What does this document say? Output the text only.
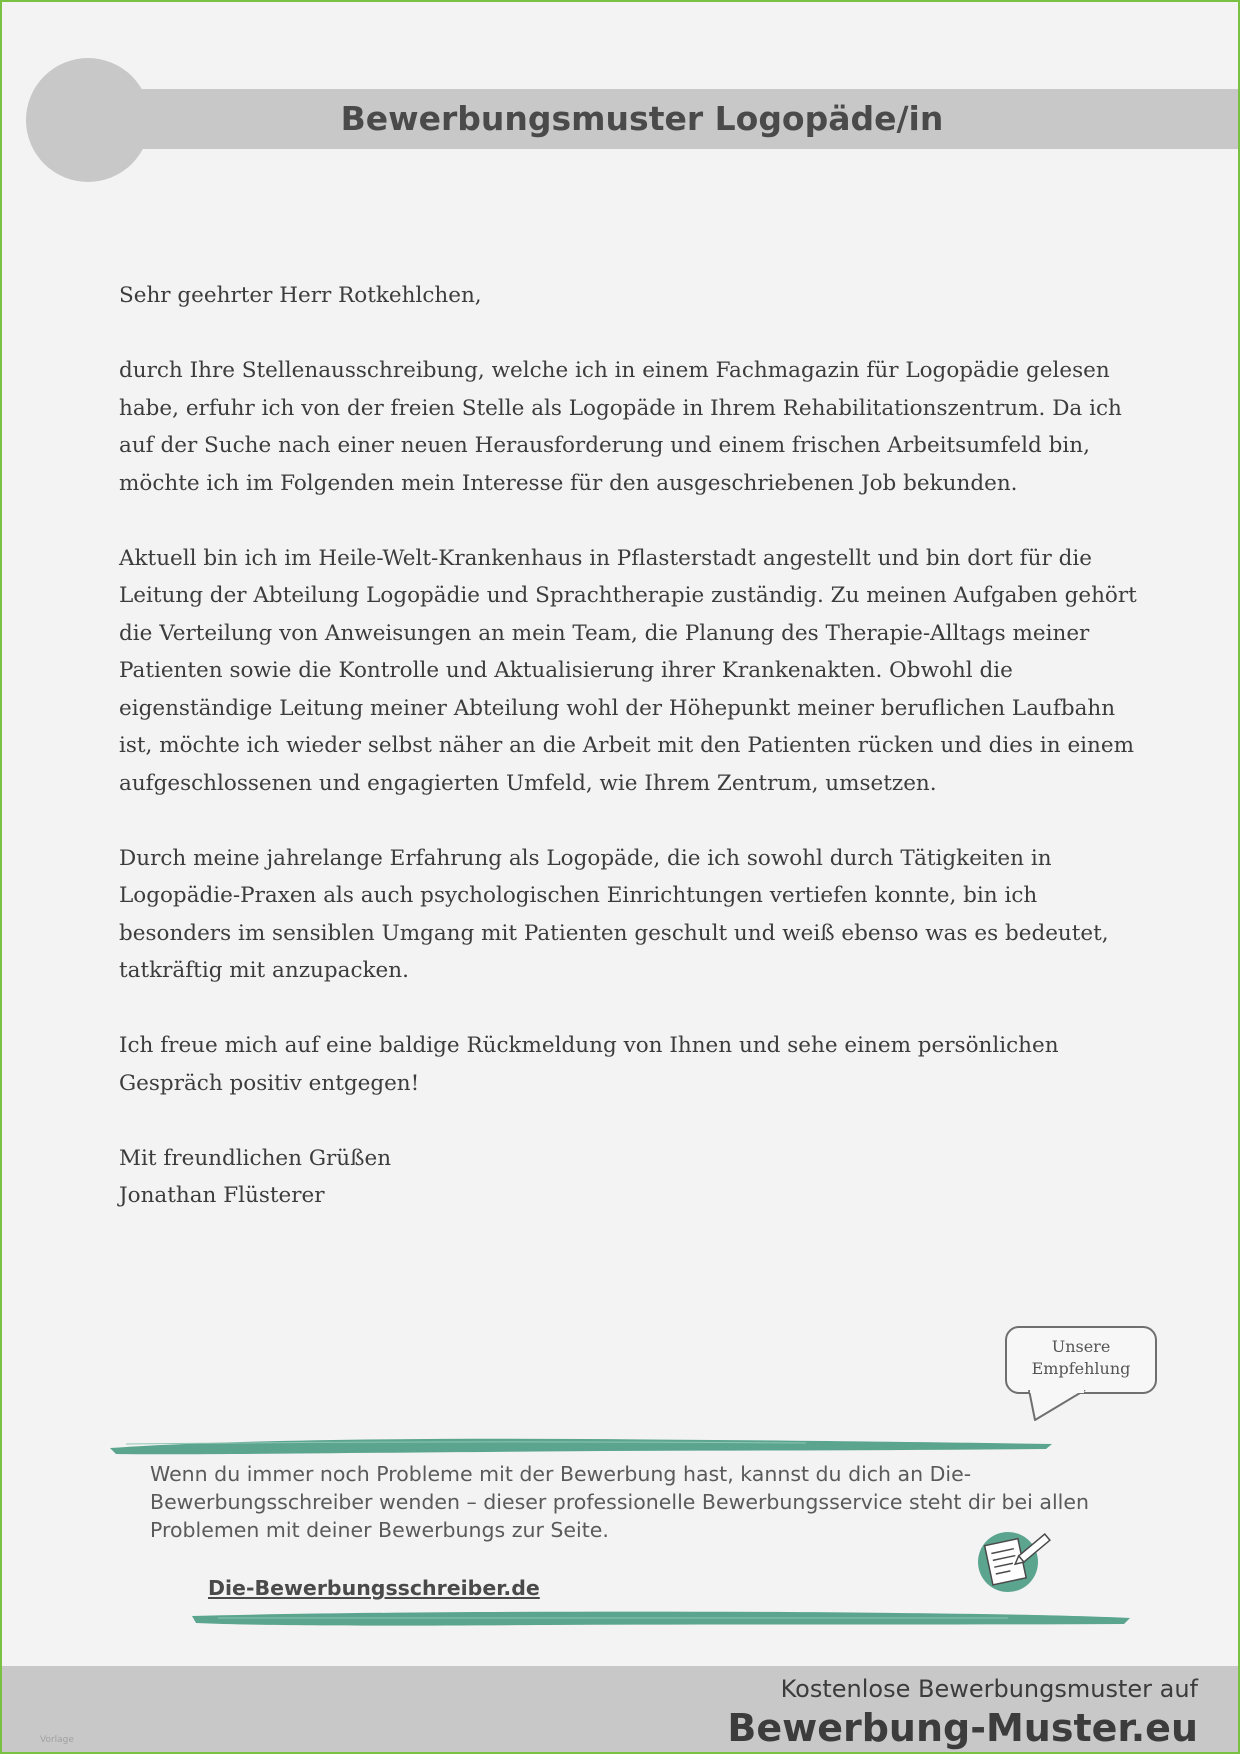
Bewerbungsmuster Logopäde/in

Sehr geehrter Herr Rotkehlchen,

durch Ihre Stellenausschreibung, welche ich in einem Fachmagazin für Logopädie gelesen habe, erfuhr ich von der freien Stelle als Logopäde in Ihrem Rehabilitationszentrum. Da ich auf der Suche nach einer neuen Herausforderung und einem frischen Arbeitsumfeld bin, möchte ich im Folgenden mein Interesse für den ausgeschriebenen Job bekunden.

Aktuell bin ich im Heile-Welt-Krankenhaus in Pflasterstadt angestellt und bin dort für die Leitung der Abteilung Logopädie und Sprachtherapie zuständig. Zu meinen Aufgaben gehört die Verteilung von Anweisungen an mein Team, die Planung des Therapie-Alltags meiner Patienten sowie die Kontrolle und Aktualisierung ihrer Krankenakten. Obwohl die eigenständige Leitung meiner Abteilung wohl der Höhepunkt meiner beruflichen Laufbahn ist, möchte ich wieder selbst näher an die Arbeit mit den Patienten rücken und dies in einem aufgeschlossenen und engagierten Umfeld, wie Ihrem Zentrum, umsetzen.

Durch meine jahrelange Erfahrung als Logopäde, die ich sowohl durch Tätigkeiten in Logopädie-Praxen als auch psychologischen Einrichtungen vertiefen konnte, bin ich besonders im sensiblen Umgang mit Patienten geschult und weiß ebenso was es bedeutet, tatkräftig mit anzupacken.

Ich freue mich auf eine baldige Rückmeldung von Ihnen und sehe einem persönlichen Gespräch positiv entgegen!

Mit freundlichen Grüßen

Jonathan Flüsterer

Unsere
Empfehlung

Wenn du immer noch Probleme mit der Bewerbung hast, kannst du dich an Die-Bewerbungsschreiber wenden – dieser professionelle Bewerbungsservice steht dir bei allen Problemen mit deiner Bewerbungs zur Seite.

Die-Bewerbungsschreiber.de
Kostenlose Bewerbungsmuster auf
Bewerbung-Muster.eu
Vorlage
